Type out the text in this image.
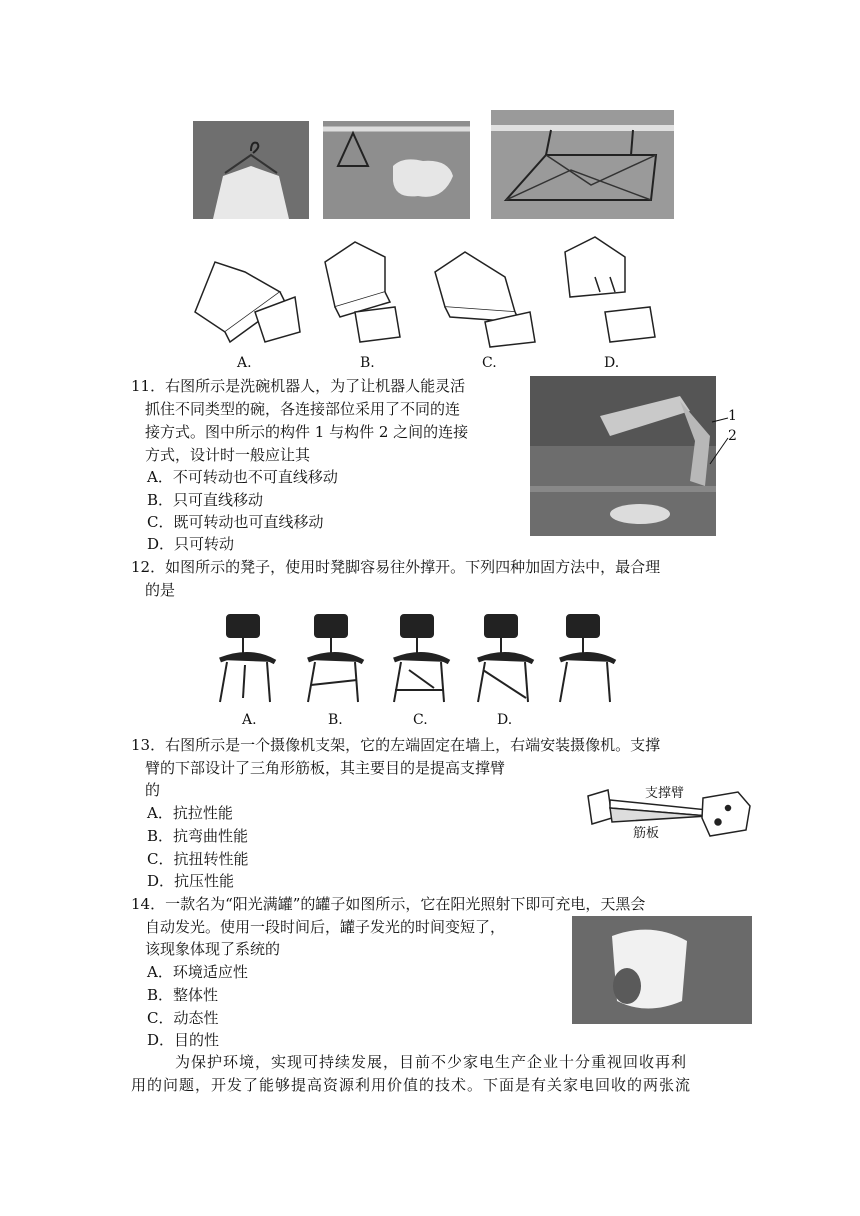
A.	B.	C.	D.
11．右图所示是洗碗机器人，为了让机器人能灵活
抓住不同类型的碗，各连接部位采用了不同的连
接方式。图中所示的构件 1 与构件 2 之间的连接
方式，设计时一般应让其
A．不可转动也不可直线移动
B．只可直线移动
C．既可转动也可直线移动
D．只可转动
1
2
12．如图所示的凳子，使用时凳脚容易往外撑开。下列四种加固方法中，最合理
的是
A.	B.	C.	D.
13．右图所示是一个摄像机支架，它的左端固定在墙上，右端安装摄像机。支撑
臂的下部设计了三角形筋板，其主要目的是提高支撑臂
的
A．抗拉性能
B．抗弯曲性能
C．抗扭转性能
D．抗压性能
支撑臂
筋板
14．一款名为“阳光满罐”的罐子如图所示，它在阳光照射下即可充电，天黑会
自动发光。使用一段时间后，罐子发光的时间变短了，
该现象体现了系统的
A．环境适应性
B．整体性
C．动态性
D．目的性
为保护环境，实现可持续发展，目前不少家电生产企业十分重视回收再利
用的问题，开发了能够提高资源利用价值的技术。下面是有关家电回收的两张流
